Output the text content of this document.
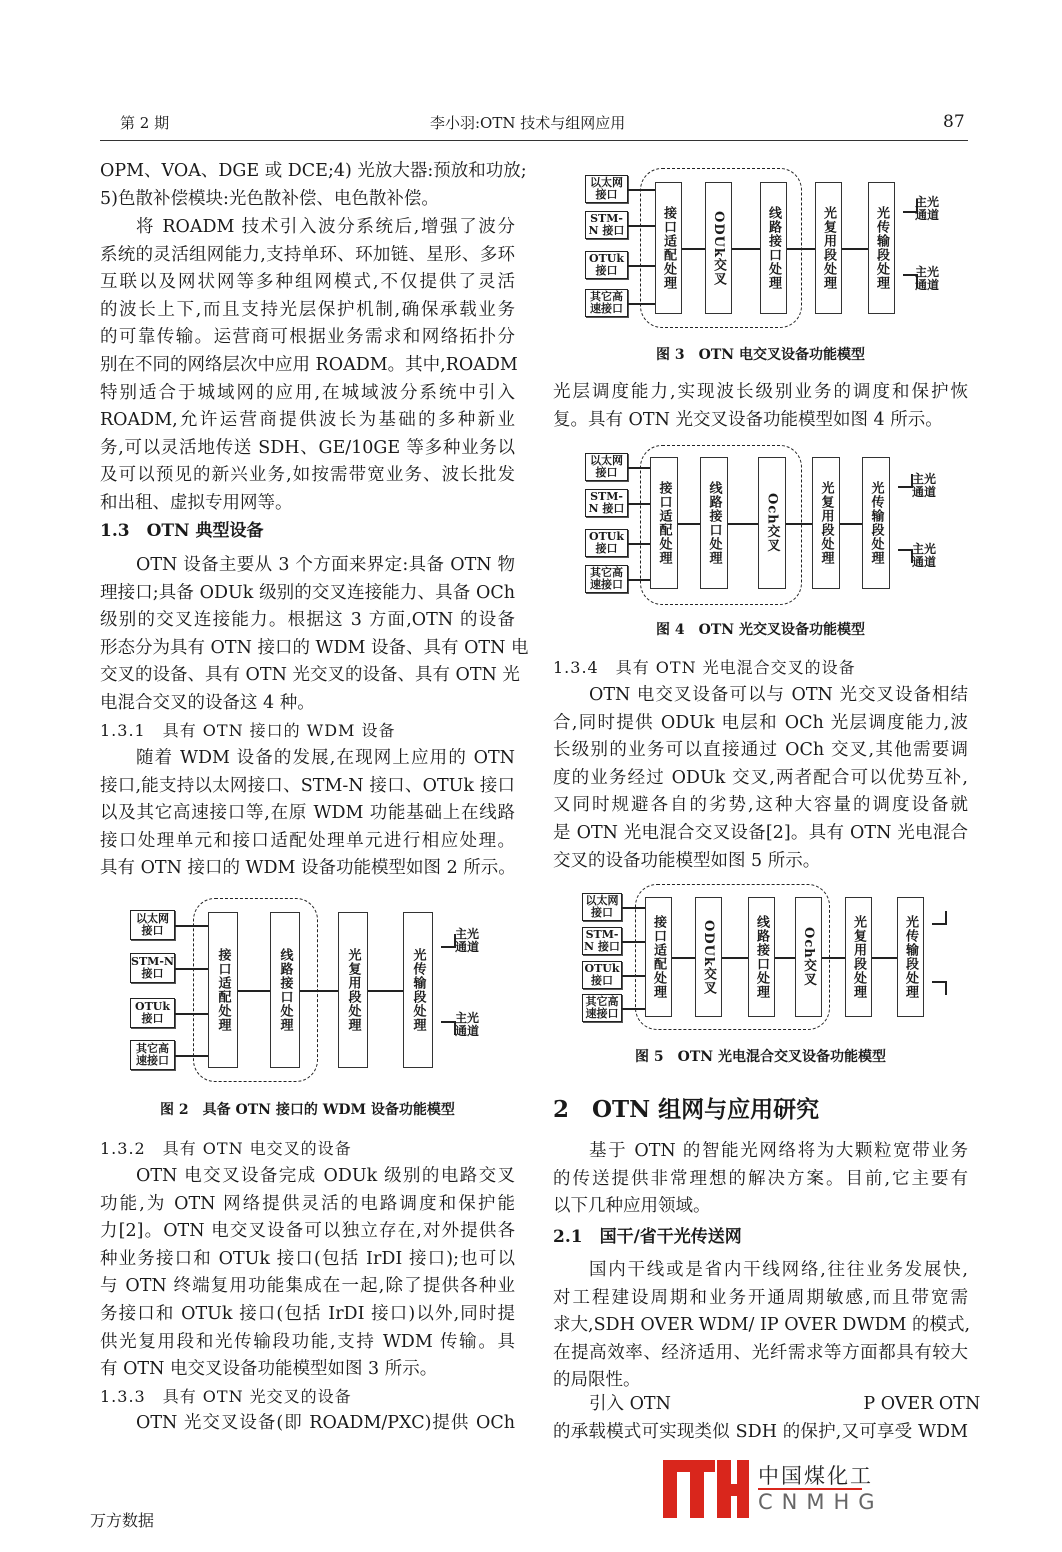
第 2 期	李小羽:OTN 技术与组网应用	87
OPM、VOA、DGE 或 DCE;4) 光放大器:预放和功放;
5)色散补偿模块:光色散补偿、电色散补偿。
将 ROADM 技术引入波分系统后,增强了波分
系统的灵活组网能力,支持单环、环加链、星形、多环
互联以及网状网等多种组网模式,不仅提供了灵活
的波长上下,而且支持光层保护机制,确保承载业务
的可靠传输。运营商可根据业务需求和网络拓扑分
别在不同的网络层次中应用 ROADM。其中,ROADM
特别适合于城域网的应用,在城域波分系统中引入
ROADM,允许运营商提供波长为基础的多种新业
务,可以灵活地传送 SDH、GE/10GE 等多种业务以
及可以预见的新兴业务,如按需带宽业务、波长批发
和出租、虚拟专用网等。
1.3　OTN 典型设备
OTN 设备主要从 3 个方面来界定:具备 OTN 物
理接口;具备 ODUk 级别的交叉连接能力、具备 OCh
级别的交叉连接能力。根据这 3 方面,OTN 的设备
形态分为具有 OTN 接口的 WDM 设备、具有 OTN 电
交叉的设备、具有 OTN 光交叉的设备、具有 OTN 光
电混合交叉的设备这 4 种。
1.3.1　具有 OTN 接口的 WDM 设备
随着 WDM 设备的发展,在现网上应用的 OTN
接口,能支持以太网接口、STM-N 接口、OTUk 接口
以及其它高速接口等,在原 WDM 功能基础上在线路
接口处理单元和接口适配处理单元进行相应处理。
具有 OTN 接口的 WDM 设备功能模型如图 2 所示。
1.3.2　具有 OTN 电交叉的设备
OTN 电交叉设备完成 ODUk 级别的电路交叉
功能,为 OTN 网络提供灵活的电路调度和保护能
力[2]。OTN 电交叉设备可以独立存在,对外提供各
种业务接口和 OTUk 接口(包括 IrDI 接口);也可以
与 OTN 终端复用功能集成在一起,除了提供各种业
务接口和 OTUk 接口(包括 IrDI 接口)以外,同时提
供光复用段和光传输段功能,支持 WDM 传输。具
有 OTN 电交叉设备功能模型如图 3 所示。
1.3.3　具有 OTN 光交叉的设备
OTN 光交叉设备(即 ROADM/PXC)提供 OCh
光层调度能力,实现波长级别业务的调度和保护恢
复。具有 OTN 光交叉设备功能模型如图 4 所示。
1.3.4　具有 OTN 光电混合交叉的设备
OTN 电交叉设备可以与 OTN 光交叉设备相结
合,同时提供 ODUk 电层和 OCh 光层调度能力,波
长级别的业务可以直接通过 OCh 交叉,其他需要调
度的业务经过 ODUk 交叉,两者配合可以优势互补,
又同时规避各自的劣势,这种大容量的调度设备就
是 OTN 光电混合交叉设备[2]。具有 OTN 光电混合
交叉的设备功能模型如图 5 所示。
2　OTN 组网与应用研究
基于 OTN 的智能光网络将为大颗粒宽带业务
的传送提供非常理想的解决方案。目前,它主要有
以下几种应用领域。
2.1　国干/省干光传送网
国内干线或是省内干线网络,往往业务发展快,
对工程建设周期和业务开通周期敏感,而且带宽需
求大,SDH OVER WDM/ IP OVER DWDM 的模式,
在提高效率、经济适用、光纤需求等方面都具有较大
的局限性。
引入 OTN　　　　　　　　　　　P OVER OTN
的承载模式可实现类似 SDH 的保护,又可享受 WDM
以太网接口
STM-N 接口
OTUk 接口
其它高速接口
接口适配处理	线路接口处理	光复用段处理	光传输段处理
主光通道
主光通道
图 2　具备 OTN 接口的 WDM 设备功能模型
以太网接口
STM-N 接口
OTUk 接口
其它高速接口
接口适配处理	ODUk交叉	线路接口处理	光复用段处理	光传输段处理
主光通道
主光通道
图 3　OTN 电交叉设备功能模型
以太网接口
STM-N 接口
OTUk 接口
其它高速接口
接口适配处理	线路接口处理	Och交叉	光复用段处理	光传输段处理
主光通道
主光通道
图 4　OTN 光交叉设备功能模型
以太网接口
STM-N 接口
OTUk 接口
其它高速接口
接口适配处理	ODUk交叉	线路接口处理 Och交叉	光复用段处理	光传输段处理
图 5　OTN 光电混合交叉设备功能模型
中国煤化工
CNMHG
万方数据
